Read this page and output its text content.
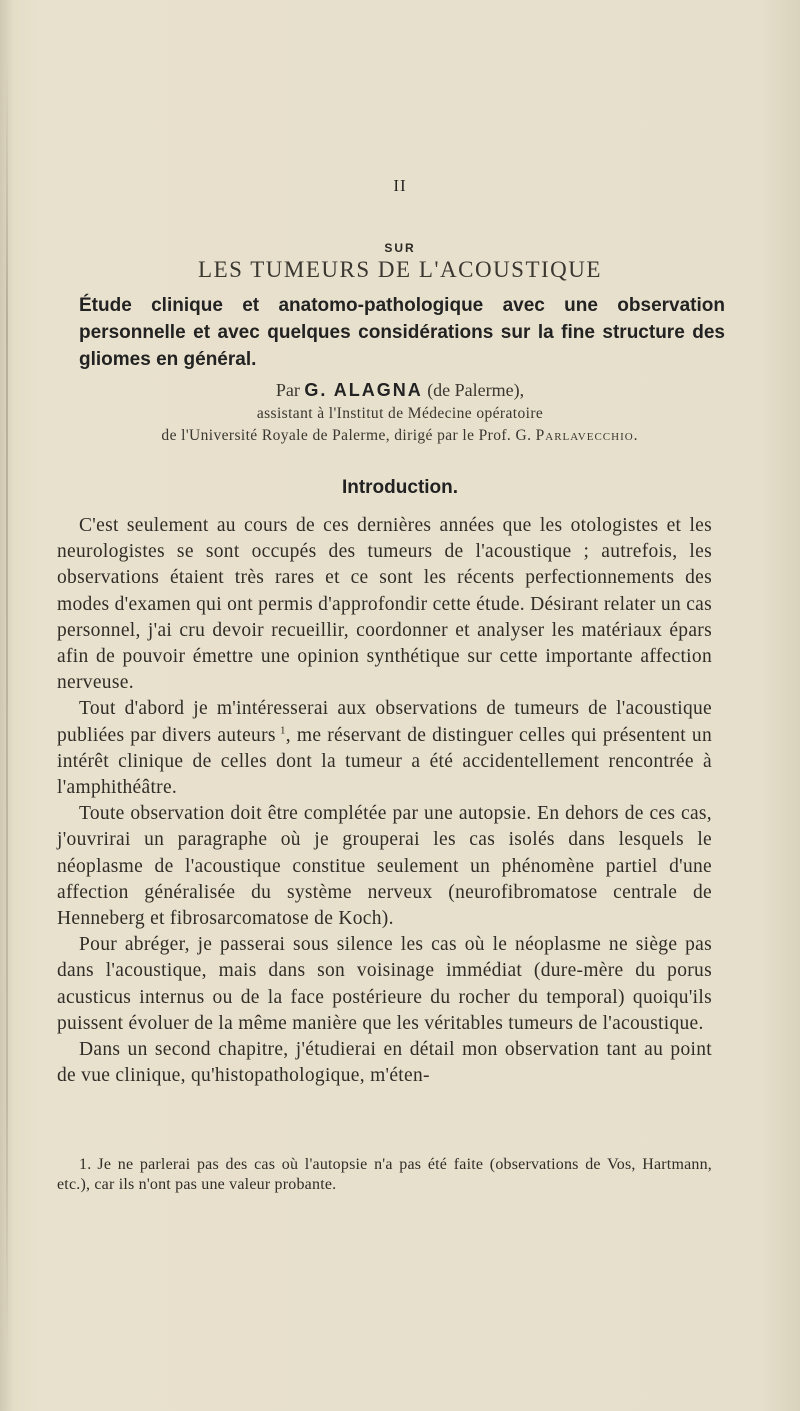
II
SUR
LES TUMEURS DE L'ACOUSTIQUE
Étude clinique et anatomo-pathologique avec une observation personnelle et avec quelques considérations sur la fine structure des gliomes en général.
Par G. ALAGNA (de Palerme),
assistant à l'Institut de Médecine opératoire
de l'Université Royale de Palerme, dirigé par le Prof. G. Parlavecchio.
Introduction.

C'est seulement au cours de ces dernières années que les otologistes et les neurologistes se sont occupés des tumeurs de l'acoustique ; autrefois, les observations étaient très rares et ce sont les récents perfectionnements des modes d'examen qui ont permis d'approfondir cette étude. Désirant relater un cas personnel, j'ai cru devoir recueillir, coordonner et analyser les matériaux épars afin de pouvoir émettre une opinion synthétique sur cette importante affection nerveuse.

Tout d'abord je m'intéresserai aux observations de tumeurs de l'acoustique publiées par divers auteurs  $^1$, me réservant de distinguer celles qui présentent un intérêt clinique de celles dont la tumeur a été accidentellement rencontrée à l'amphithéâtre.

Toute observation doit être complétée par une autopsie. En dehors de ces cas, j'ouvrirai un paragraphe où je grouperai les cas isolés dans lesquels le néoplasme de l'acoustique constitue seulement un phénomène partiel d'une affection généralisée du système nerveux (neurofibromatose centrale de Henneberg et fibrosarcomatose de Koch).

Pour abréger, je passerai sous silence les cas où le néoplasme ne siège pas dans l'acoustique, mais dans son voisinage immédiat (dure-mère du porus acusticus internus ou de la face postérieure du rocher du temporal) quoiqu'ils puissent évoluer de la même manière que les véritables tumeurs de l'acoustique.

Dans un second chapitre, j'étudierai en détail mon observation tant au point de vue clinique, qu'histopathologique, m'éten-

1. Je ne parlerai pas des cas où l'autopsie n'a pas été faite (observations de Vos, Hartmann, etc.), car ils n'ont pas une valeur probante.
